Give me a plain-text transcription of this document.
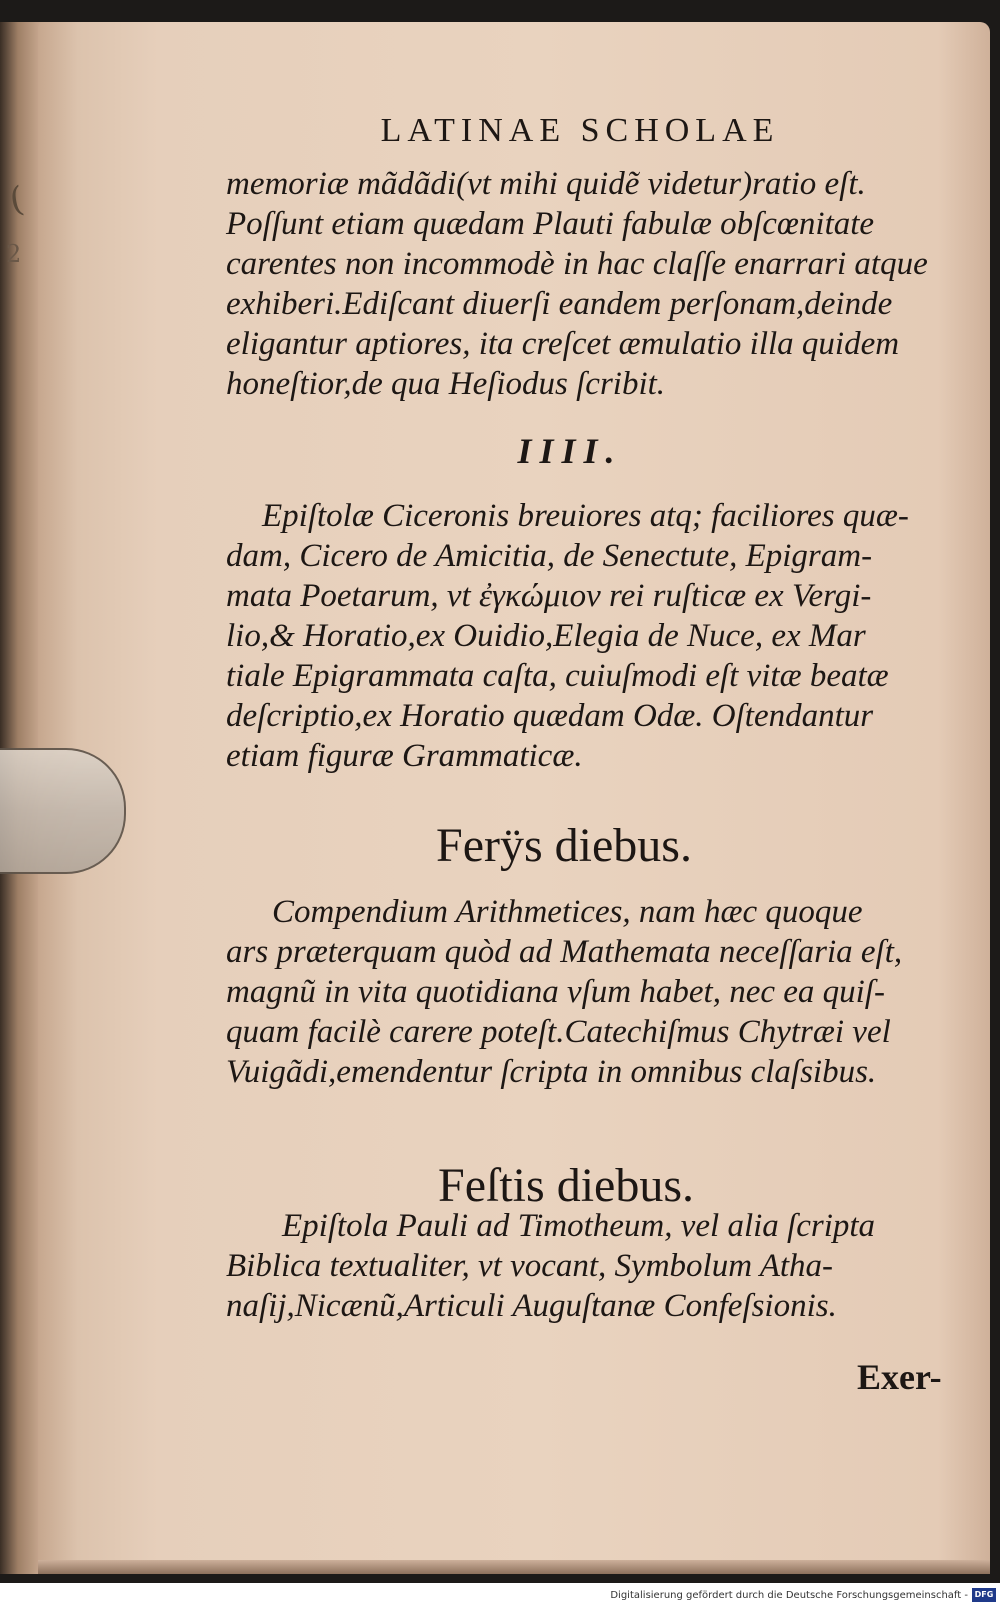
(
2
LATINAE SCHOLAE

memoriæ mãdãdi(vt mihi quidẽ videtur)ratio eſt.
Poſſunt etiam quædam Plauti fabulæ obſcœnitate
carentes non incommodè in hac claſſe enarrari atque
exhiberi.Ediſcant diuerſi eandem perſonam,deinde
eligantur aptiores, ita creſcet æmulatio illa quidem
honeſtior,de qua Heſiodus ſcribit.

IIII.

Epiſtolæ Ciceronis breuiores atq; faciliores quæ-
dam, Cicero de Amicitia, de Senectute, Epigram-
mata Poetarum, vt ἐγκώμιον rei ruſticæ ex Vergi-
lio,& Horatio,ex Ouidio,Elegia de Nuce, ex Mar
tiale Epigrammata caſta, cuiuſmodi eſt vitæ beatæ
deſcriptio,ex Horatio quædam Odæ. Oſtendantur
etiam figuræ Grammaticæ.

Ferÿs diebus.

Compendium Arithmetices, nam hæc quoque
ars præterquam quòd ad Mathemata neceſſaria eſt,
magnũ in vita quotidiana vſum habet, nec ea quiſ-
quam facilè carere poteſt.Catechiſmus Chytræi vel
Vuigãdi,emendentur ſcripta in omnibus claſsibus.

Feſtis diebus.

Epiſtola Pauli ad Timotheum, vel alia ſcripta
Biblica textualiter, vt vocant, Symbolum Atha-
naſij,Nicænũ,Articuli Auguſtanæ Confeſsionis.

Exer-
Digitalisierung gefördert durch die Deutsche Forschungsgemeinschaft - DFG
